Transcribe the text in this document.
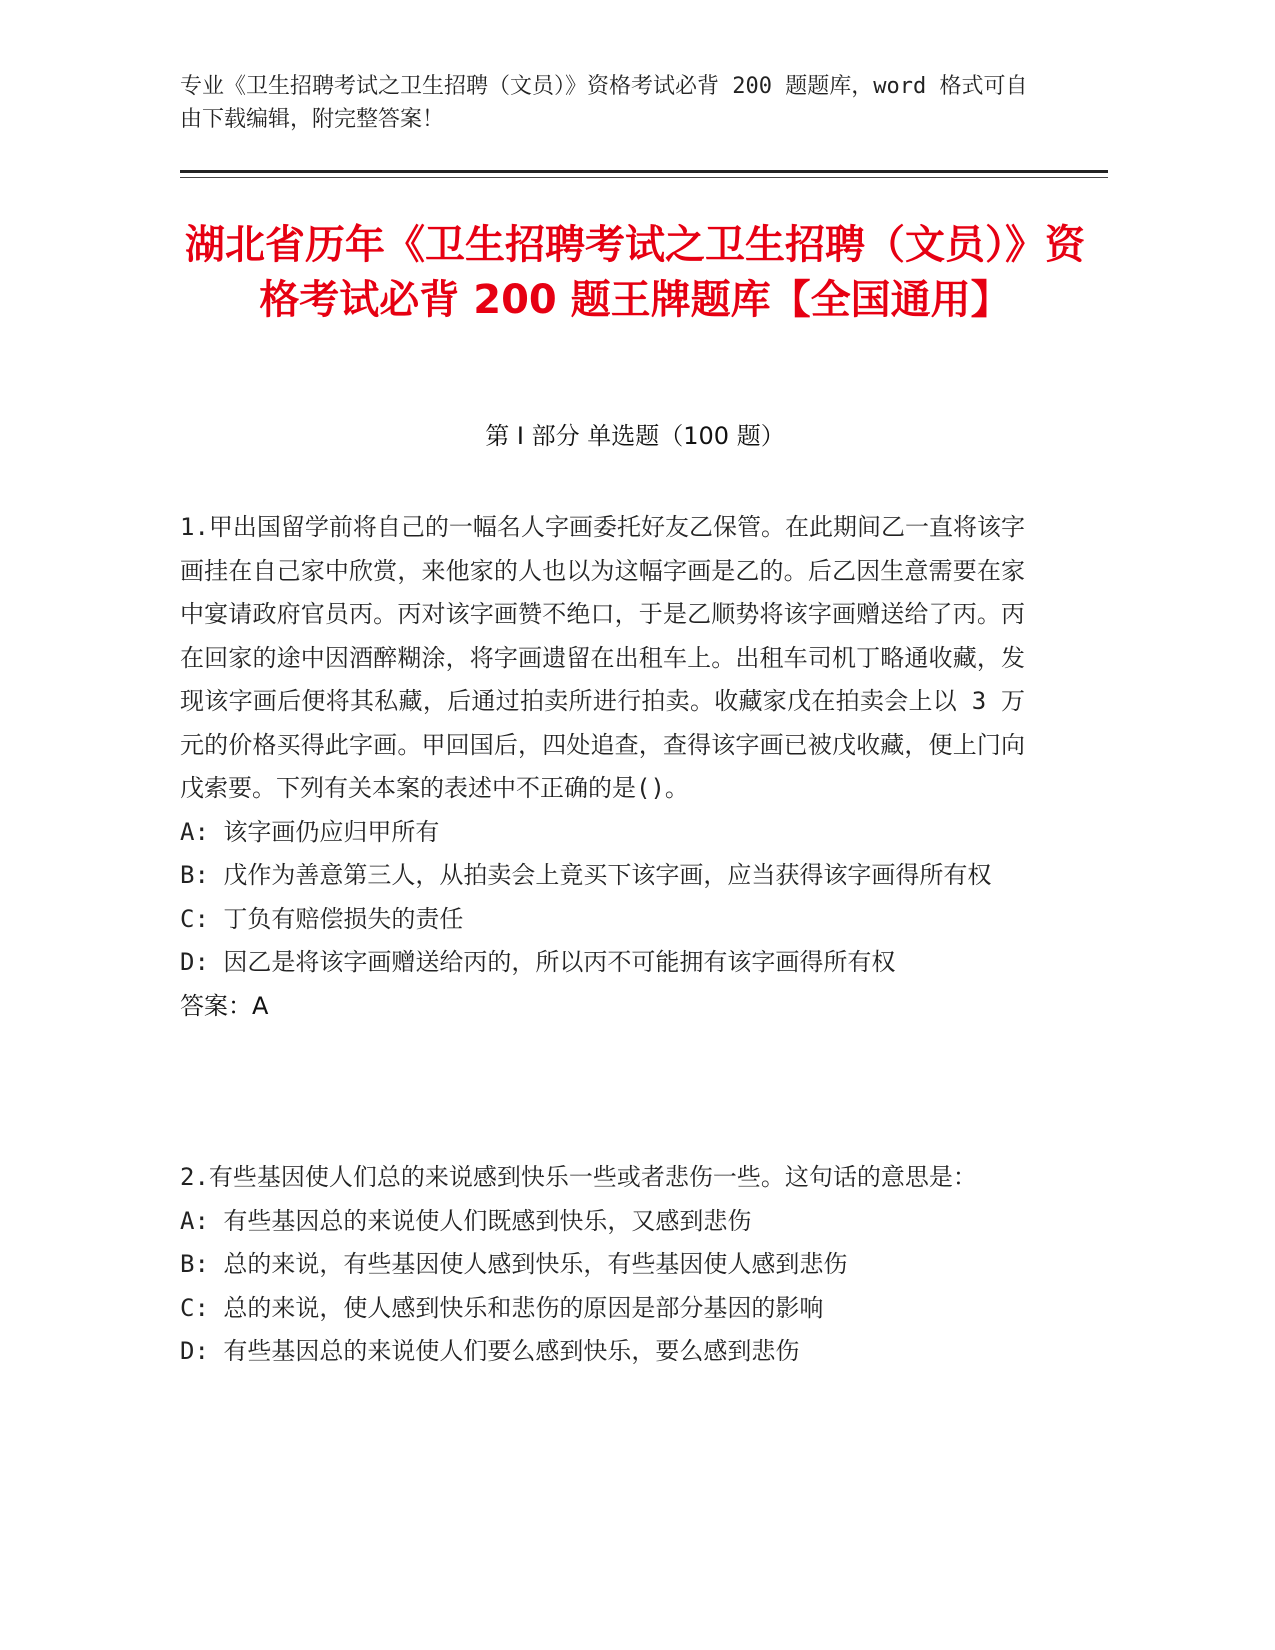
专业《卫生招聘考试之卫生招聘（文员）》资格考试必背 200 题题库，word 格式可自由下载编辑，附完整答案！
湖北省历年《卫生招聘考试之卫生招聘（文员）》资格考试必背 200 题王牌题库【全国通用】
第 I 部分 单选题（100 题）

1.甲出国留学前将自己的一幅名人字画委托好友乙保管。在此期间乙一直将该字画挂在自己家中欣赏，来他家的人也以为这幅字画是乙的。后乙因生意需要在家中宴请政府官员丙。丙对该字画赞不绝口，于是乙顺势将该字画赠送给了丙。丙在回家的途中因酒醉糊涂，将字画遗留在出租车上。出租车司机丁略通收藏，发现该字画后便将其私藏，后通过拍卖所进行拍卖。收藏家戊在拍卖会上以 3 万元的价格买得此字画。甲回国后，四处追查，查得该字画已被戊收藏，便上门向戊索要。下列有关本案的表述中不正确的是()。

A: 该字画仍应归甲所有

B: 戊作为善意第三人，从拍卖会上竟买下该字画，应当获得该字画得所有权

C: 丁负有赔偿损失的责任

D: 因乙是将该字画赠送给丙的，所以丙不可能拥有该字画得所有权

答案：A

2.有些基因使人们总的来说感到快乐一些或者悲伤一些。这句话的意思是：

A: 有些基因总的来说使人们既感到快乐，又感到悲伤

B: 总的来说，有些基因使人感到快乐，有些基因使人感到悲伤

C: 总的来说，使人感到快乐和悲伤的原因是部分基因的影响

D: 有些基因总的来说使人们要么感到快乐，要么感到悲伤
